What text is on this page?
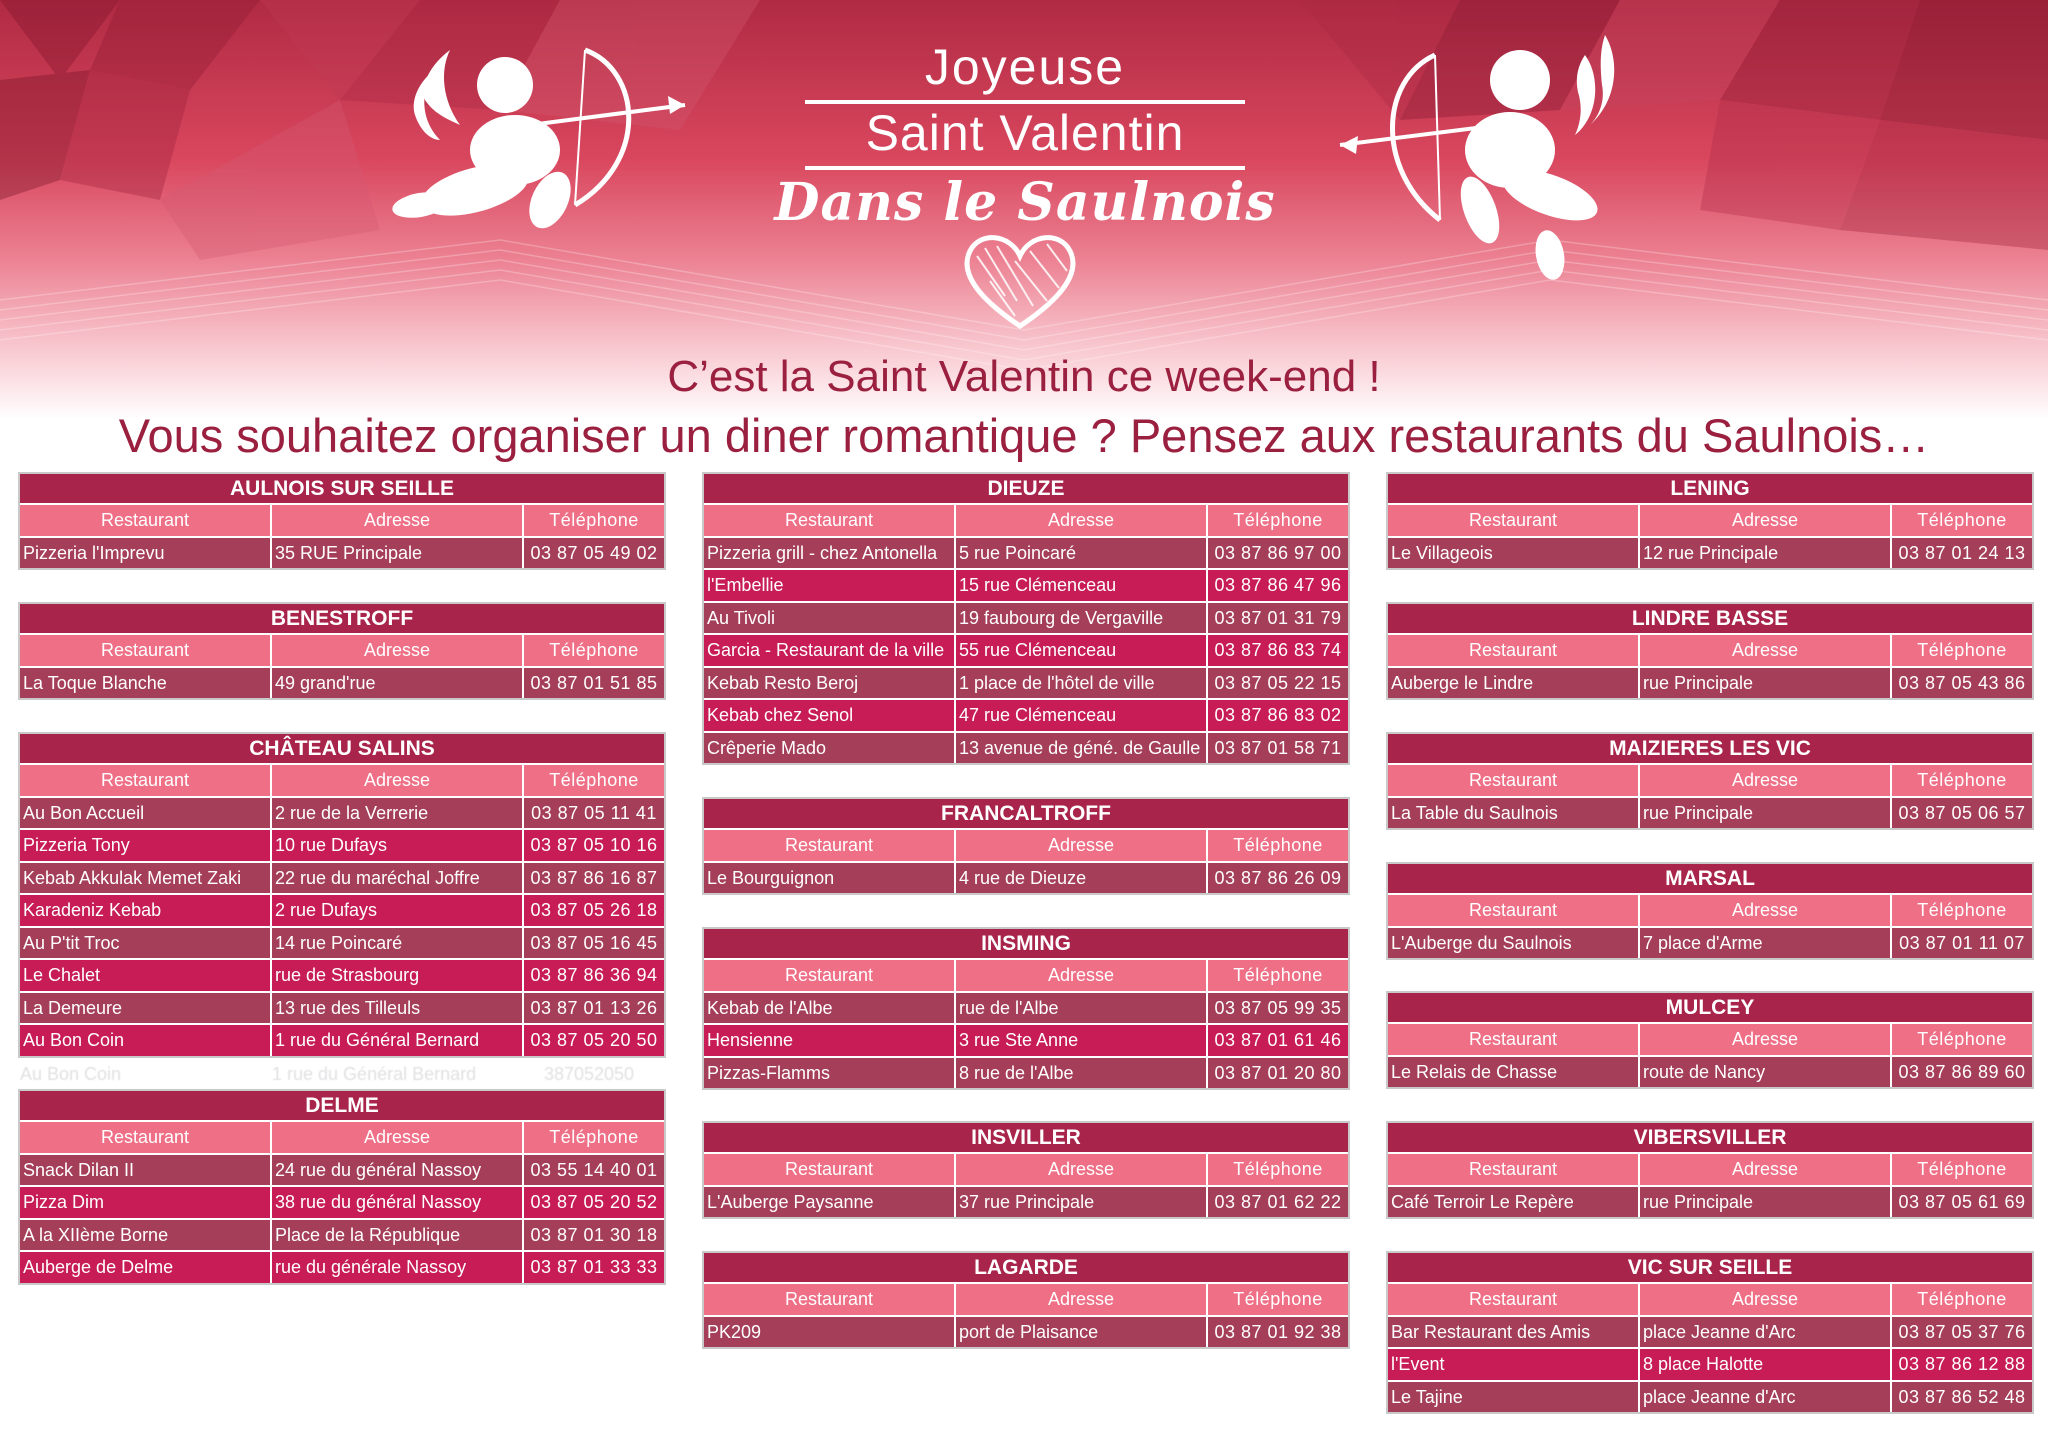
Joyeuse
Saint Valentin
Dans le Saulnois
C’est la Saint Valentin ce week-end !
Vous souhaitez organiser un diner romantique ? Pensez aux restaurants du Saulnois…
AULNOIS SUR SEILLE
Restaurant	Adresse	Téléphone
Pizzeria l'Imprevu	35 RUE Principale	03 87 05 49 02
BENESTROFF
Restaurant	Adresse	Téléphone
La Toque Blanche	49 grand'rue	03 87 01 51 85
CHÂTEAU SALINS
Restaurant	Adresse	Téléphone
Au Bon Accueil	2 rue de la Verrerie	03 87 05 11 41
Pizzeria Tony	10 rue Dufays	03 87 05 10 16
Kebab Akkulak Memet Zaki	22 rue du maréchal Joffre	03 87 86 16 87
Karadeniz Kebab	2 rue Dufays	03 87 05 26 18
Au P'tit Troc	14 rue Poincaré	03 87 05 16 45
Le Chalet	rue de Strasbourg	03 87 86 36 94
La Demeure	13 rue des Tilleuls	03 87 01 13 26
Au Bon Coin	1 rue du Général Bernard	03 87 05 20 50
Au Bon Coin	1 rue du Général Bernard	387052050
DELME
Restaurant	Adresse	Téléphone
Snack Dilan II	24 rue du général Nassoy	03 55 14 40 01
Pizza Dim	38 rue du général Nassoy	03 87 05 20 52
A la XIIème Borne	Place de la République	03 87 01 30 18
Auberge de Delme	rue du générale Nassoy	03 87 01 33 33
DIEUZE
Restaurant	Adresse	Téléphone
Pizzeria grill - chez Antonella	5 rue Poincaré	03 87 86 97 00
l'Embellie	15 rue Clémenceau	03 87 86 47 96
Au Tivoli	19 faubourg de Vergaville	03 87 01 31 79
Garcia - Restaurant de la ville 55 rue Clémenceau	03 87 86 83 74
Kebab Resto Beroj	1 place de l'hôtel de ville	03 87 05 22 15
Kebab chez Senol	47 rue Clémenceau	03 87 86 83 02
Crêperie Mado	13 avenue de géné. de Gaulle 03 87 01 58 71
FRANCALTROFF
Restaurant	Adresse	Téléphone
Le Bourguignon	4 rue de Dieuze	03 87 86 26 09
INSMING
Restaurant	Adresse	Téléphone
Kebab de l'Albe	rue de l'Albe	03 87 05 99 35
Hensienne	3 rue Ste Anne	03 87 01 61 46
Pizzas-Flamms	8 rue de l'Albe	03 87 01 20 80
INSVILLER
Restaurant	Adresse	Téléphone
L'Auberge Paysanne	37 rue Principale	03 87 01 62 22
LAGARDE
Restaurant	Adresse	Téléphone
PK209	port de Plaisance	03 87 01 92 38
LENING
Restaurant	Adresse	Téléphone
Le Villageois	12 rue Principale	03 87 01 24 13
LINDRE BASSE
Restaurant	Adresse	Téléphone
Auberge le Lindre	rue Principale	03 87 05 43 86
MAIZIERES LES VIC
Restaurant	Adresse	Téléphone
La Table du Saulnois	rue Principale	03 87 05 06 57
MARSAL
Restaurant	Adresse	Téléphone
L'Auberge du Saulnois	7 place d'Arme	03 87 01 11 07
MULCEY
Restaurant	Adresse	Téléphone
Le Relais de Chasse	route de Nancy	03 87 86 89 60
VIBERSVILLER
Restaurant	Adresse	Téléphone
Café Terroir Le Repère	rue Principale	03 87 05 61 69
VIC SUR SEILLE
Restaurant	Adresse	Téléphone
Bar Restaurant des Amis	place Jeanne d'Arc	03 87 05 37 76
l'Event	8 place Halotte	03 87 86 12 88
Le Tajine	place Jeanne d'Arc	03 87 86 52 48
